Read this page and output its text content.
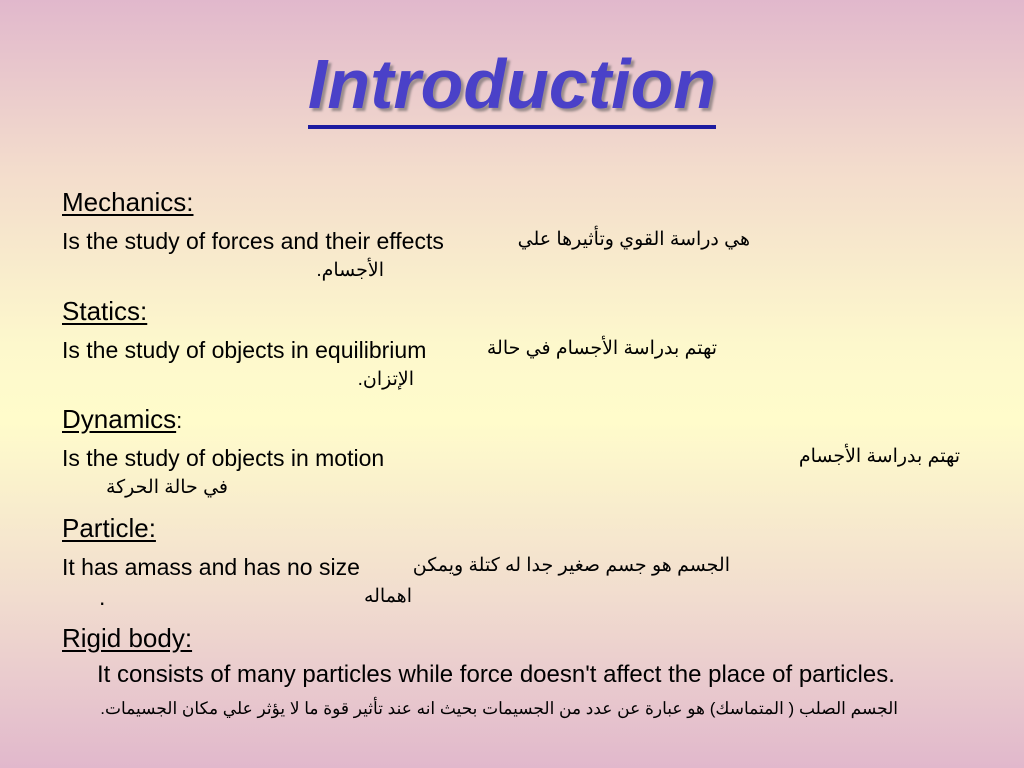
Introduction
Mechanics:
Is the study of forces and their effects	هي دراسة القوي وتأثيرها علي
الأجسام.
Statics:
Is the study of objects in equilibrium	تهتم بدراسة الأجسام في حالة
الإتزان.
Dynamics:
Is the study of objects in motion	تهتم بدراسة الأجسام
في حالة الحركة
Particle:
It has amass and has no size	الجسم هو جسم صغير جدا له كتلة ويمكن
اهماله
.
Rigid body:
It consists of many particles while force doesn't affect the place of particles.
الجسم الصلب ( المتماسك) هو عبارة عن عدد من الجسيمات بحيث انه عند تأثير قوة ما لا يؤثر علي مكان الجسيمات.
